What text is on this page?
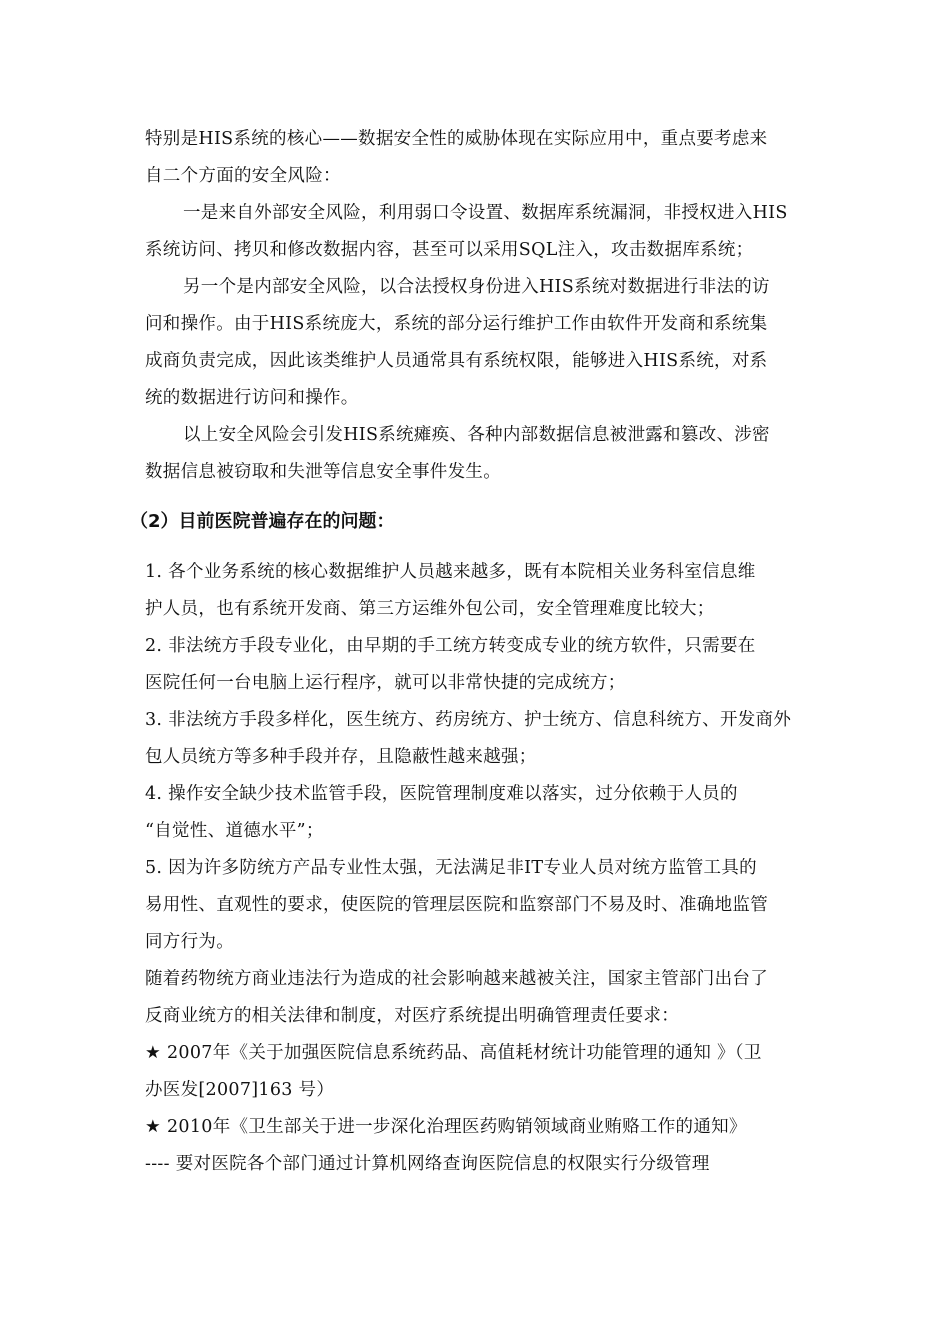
特别是HIS系统的核心——数据安全性的威胁体现在实际应用中，重点要考虑来
自二个方面的安全风险：
一是来自外部安全风险，利用弱口令设置、数据库系统漏洞，非授权进入HIS
系统访问、拷贝和修改数据内容，甚至可以采用SQL注入，攻击数据库系统；
另一个是内部安全风险，以合法授权身份进入HIS系统对数据进行非法的访
问和操作。由于HIS系统庞大，系统的部分运行维护工作由软件开发商和系统集
成商负责完成，因此该类维护人员通常具有系统权限，能够进入HIS系统，对系
统的数据进行访问和操作。
以上安全风险会引发HIS系统瘫痪、各种内部数据信息被泄露和篡改、涉密
数据信息被窃取和失泄等信息安全事件发生。
（2）目前医院普遍存在的问题：
1. 各个业务系统的核心数据维护人员越来越多，既有本院相关业务科室信息维
护人员，也有系统开发商、第三方运维外包公司，安全管理难度比较大；
2. 非法统方手段专业化，由早期的手工统方转变成专业的统方软件，只需要在
医院任何一台电脑上运行程序，就可以非常快捷的完成统方；
3. 非法统方手段多样化，医生统方、药房统方、护士统方、信息科统方、开发商外
包人员统方等多种手段并存，且隐蔽性越来越强；
4. 操作安全缺少技术监管手段，医院管理制度难以落实，过分依赖于人员的
“自觉性、道德水平”；
5. 因为许多防统方产品专业性太强，无法满足非IT专业人员对统方监管工具的
易用性、直观性的要求，使医院的管理层医院和监察部门不易及时、准确地监管
同方行为。
随着药物统方商业违法行为造成的社会影响越来越被关注，国家主管部门出台了
反商业统方的相关法律和制度，对医疗系统提出明确管理责任要求：
★ 2007年《关于加强医院信息系统药品、高值耗材统计功能管理的通知 》（卫
办医发[2007]163 号）
★ 2010年《卫生部关于进一步深化治理医药购销领域商业贿赂工作的通知》
---- 要对医院各个部门通过计算机网络查询医院信息的权限实行分级管理
